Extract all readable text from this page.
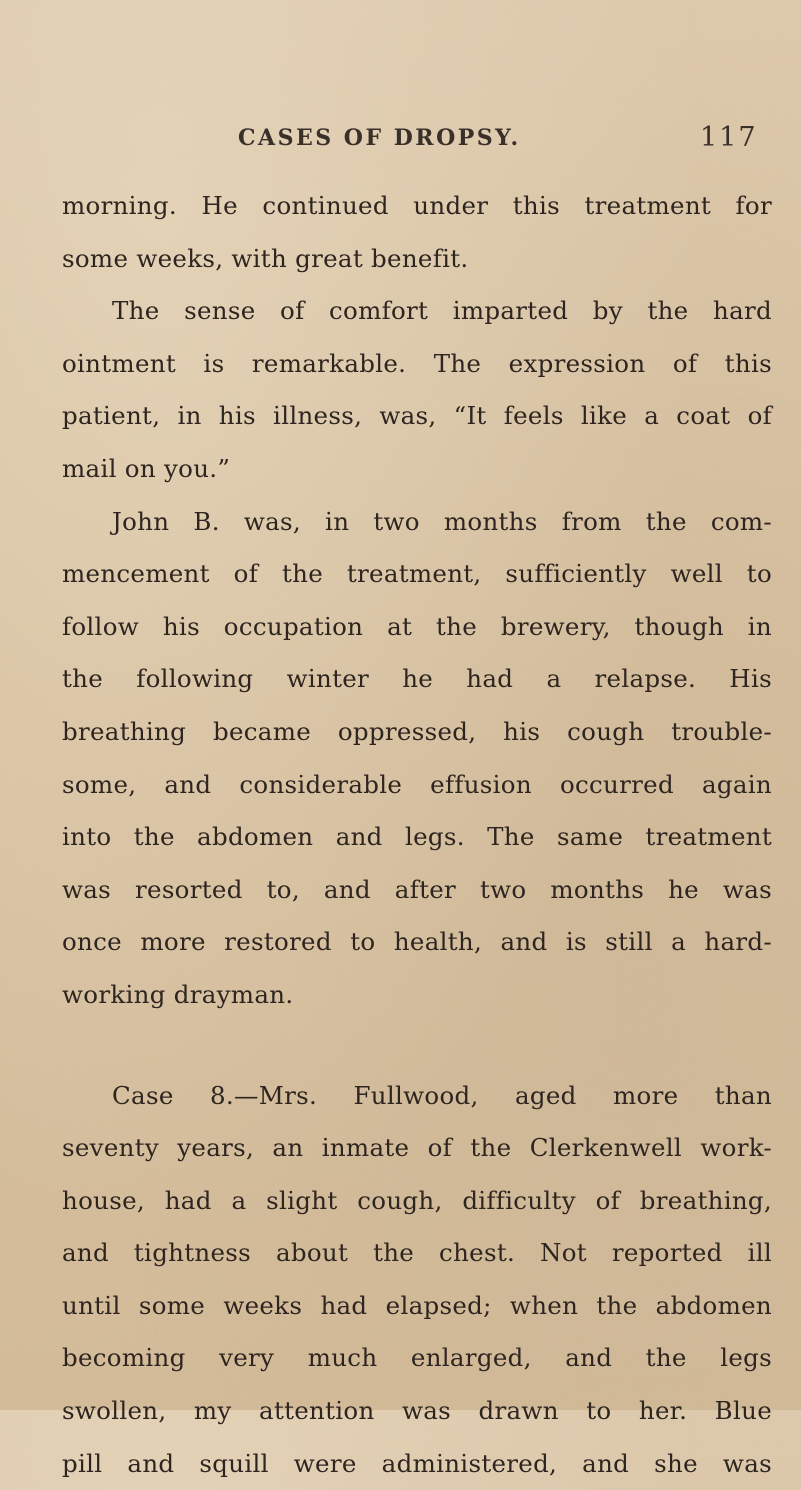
CASES OF DROPSY.	117
morning. He continued under this treatment for
some weeks, with great benefit.
The sense of comfort imparted by the hard
ointment is remarkable. The expression of this
patient, in his illness, was, “It feels like a coat of
mail on you.”
John B. was, in two months from the com-
mencement of the treatment, sufficiently well to
follow his occupation at the brewery, though in
the following winter he had a relapse. His
breathing became oppressed, his cough trouble-
some, and considerable effusion occurred again
into the abdomen and legs. The same treatment
was resorted to, and after two months he was
once more restored to health, and is still a hard-
working drayman.
Case 8.—Mrs. Fullwood, aged more than
seventy years, an inmate of the Clerkenwell work-
house, had a slight cough, difficulty of breathing,
and tightness about the chest. Not reported ill
until some weeks had elapsed; when the abdomen
becoming very much enlarged, and the legs
swollen, my attention was drawn to her. Blue
pill and squill were administered, and she was
